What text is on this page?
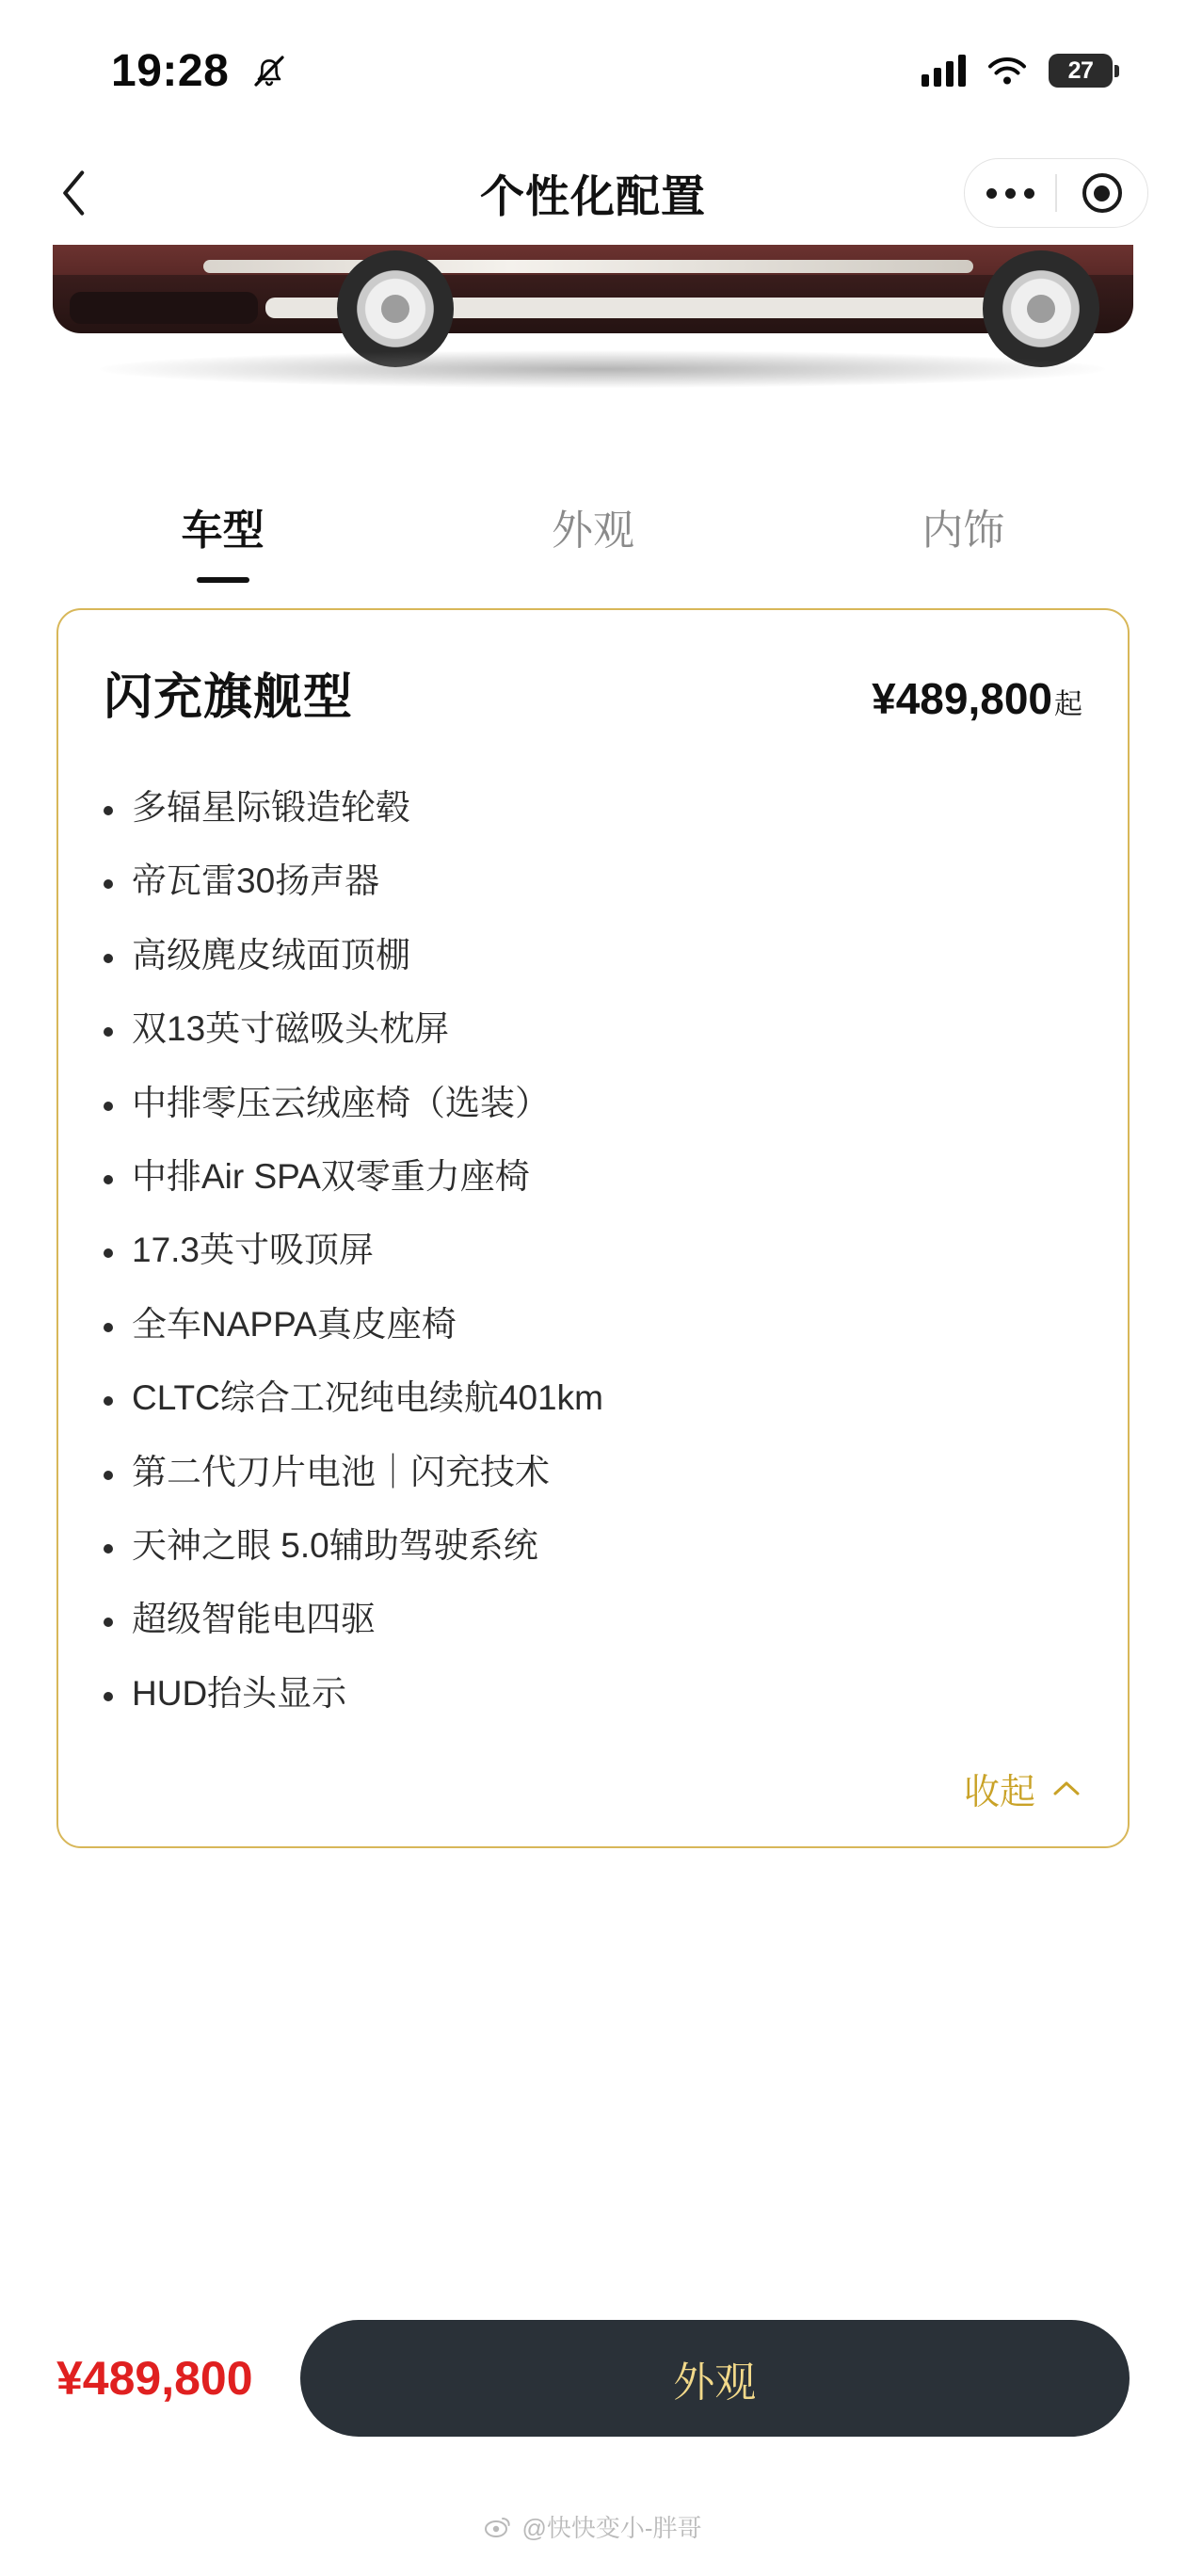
19:28	27
个性化配置
车型	外观	内饰
闪充旗舰型	¥489,800起
多辐星际锻造轮毂
帝瓦雷30扬声器
高级麂皮绒面顶棚
双13英寸磁吸头枕屏
中排零压云绒座椅（选装）
中排Air SPA双零重力座椅
17.3英寸吸顶屏
全车NAPPA真皮座椅
CLTC综合工况纯电续航401km
第二代刀片电池｜闪充技术
天神之眼 5.0辅助驾驶系统
超级智能电四驱
HUD抬头显示
收起
¥489,800	外观
@快快变小-胖哥
